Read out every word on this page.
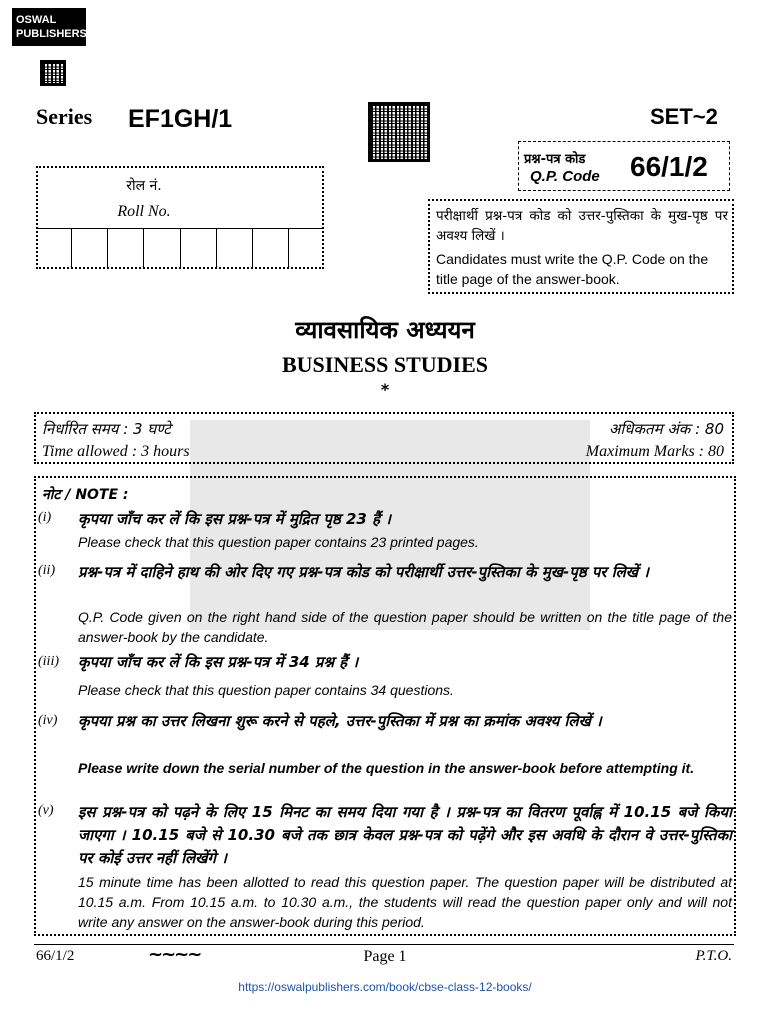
OSWAL
PUBLISHERS
Series EF1GH/1	SET~2
प्रश्न-पत्र कोड
Q.P. Code 66/1/2
रोल नं.
Roll No.	परीक्षार्थी प्रश्न-पत्र कोड को उत्तर-पुस्तिका के मुख-पृष्ठ पर अवश्य लिखें ।
Candidates must write the Q.P. Code on the title page of the answer-book.
व्यावसायिक अध्ययन
BUSINESS STUDIES
*
निर्धारित समय : 3 घण्टे
Time allowed : 3 hours
अधिकतम अंक : 80
Maximum Marks : 80
नोट / NOTE :
(i) कृपया जाँच कर लें कि इस प्रश्न-पत्र में मुद्रित पृष्ठ 23 हैं ।
Please check that this question paper contains 23 printed pages.
(ii) प्रश्न-पत्र में दाहिने हाथ की ओर दिए गए प्रश्न-पत्र कोड को परीक्षार्थी उत्तर-पुस्तिका के मुख-पृष्ठ पर लिखें ।
Q.P. Code given on the right hand side of the question paper should be written on the title page of the answer-book by the candidate.
(iii) कृपया जाँच कर लें कि इस प्रश्न-पत्र में 34 प्रश्न हैं ।
Please check that this question paper contains 34 questions.
(iv) कृपया प्रश्न का उत्तर लिखना शुरू करने से पहले, उत्तर-पुस्तिका में प्रश्न का क्रमांक अवश्य लिखें ।
Please write down the serial number of the question in the answer-book before attempting it.
(v) इस प्रश्न-पत्र को पढ़ने के लिए 15 मिनट का समय दिया गया है । प्रश्न-पत्र का वितरण पूर्वाह्न में 10.15 बजे किया जाएगा । 10.15 बजे से 10.30 बजे तक छात्र केवल प्रश्न-पत्र को पढ़ेंगे और इस अवधि के दौरान वे उत्तर-पुस्तिका पर कोई उत्तर नहीं लिखेंगे ।
15 minute time has been allotted to read this question paper. The question paper will be distributed at 10.15 a.m. From 10.15 a.m. to 10.30 a.m., the students will read the question paper only and will not write any answer on the answer-book during this period.
66/1/2	~~~~	Page 1	P.T.O.
https://oswalpublishers.com/book/cbse-class-12-books/
